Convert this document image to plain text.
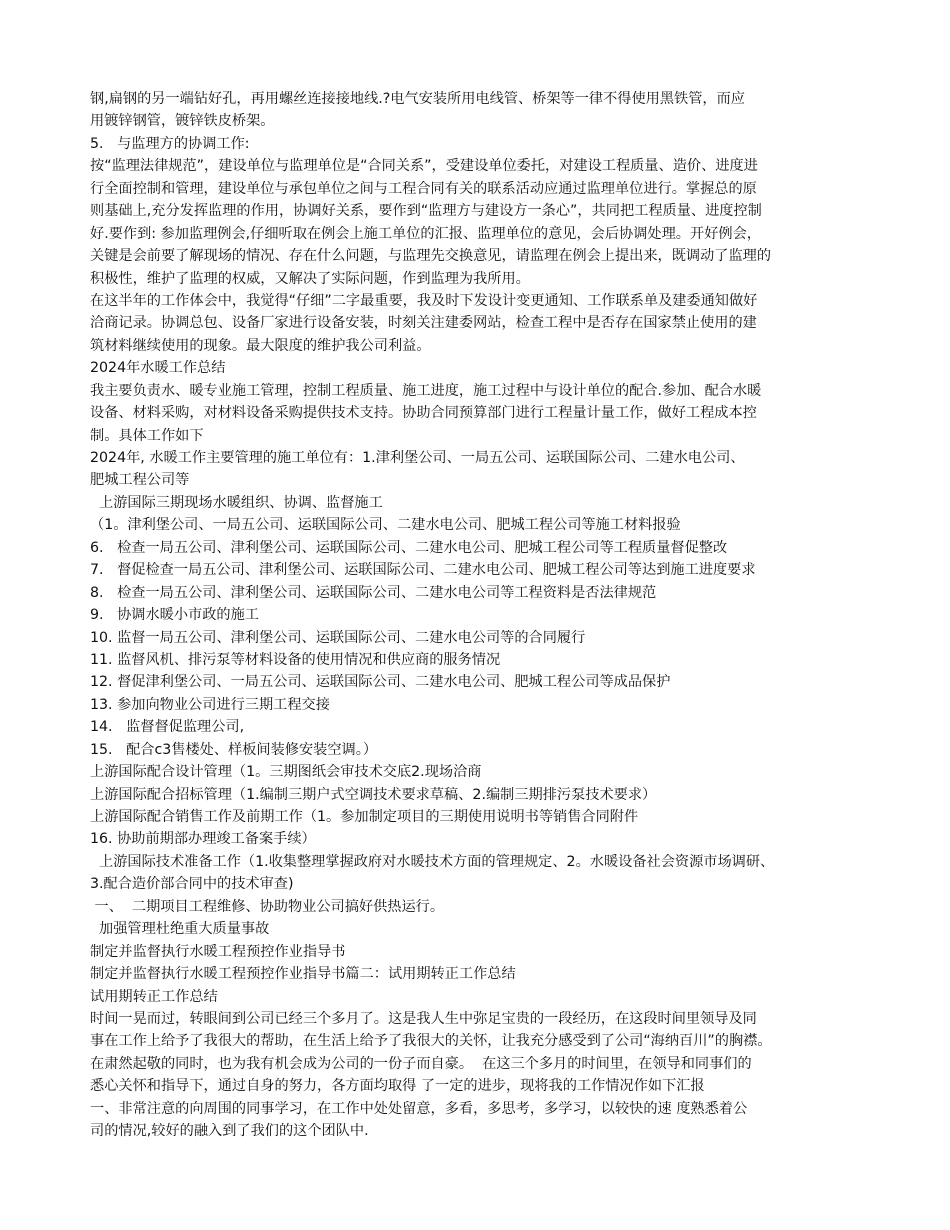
钢,扁钢的另一端钻好孔，再用螺丝连接接地线.?电气安装所用电线管、桥架等一律不得使用黑铁管，而应
用镀锌钢管，镀锌铁皮桥架。
5.   与监理方的协调工作:
按“监理法律规范”，建设单位与监理单位是“合同关系”，受建设单位委托，对建设工程质量、造价、进度进
行全面控制和管理，建设单位与承包单位之间与工程合同有关的联系活动应通过监理单位进行。掌握总的原
则基础上,充分发挥监理的作用，协调好关系，要作到“监理方与建设方一条心”，共同把工程质量、进度控制
好.要作到: 参加监理例会,仔细听取在例会上施工单位的汇报、监理单位的意见，会后协调处理。开好例会，
关键是会前要了解现场的情况、存在什么问题，与监理先交换意见，请监理在例会上提出来，既调动了监理的
积极性，维护了监理的权威，又解决了实际问题，作到监理为我所用。
在这半年的工作体会中，我觉得“仔细”二字最重要，我及时下发设计变更通知、工作联系单及建委通知做好
洽商记录。协调总包、设备厂家进行设备安装，时刻关注建委网站，检查工程中是否存在国家禁止使用的建
筑材料继续使用的现象。最大限度的维护我公司利益。
2024年水暖工作总结
我主要负责水、暖专业施工管理，控制工程质量、施工进度，施工过程中与设计单位的配合.参加、配合水暖
设备、材料采购，对材料设备采购提供技术支持。协助合同预算部门进行工程量计量工作，做好工程成本控
制。具体工作如下
2024年, 水暖工作主要管理的施工单位有：1.津利堡公司、一局五公司、运联国际公司、二建水电公司、
肥城工程公司等
上游国际三期现场水暖组织、协调、监督施工
（1。津利堡公司、一局五公司、运联国际公司、二建水电公司、肥城工程公司等施工材料报验
6.   检查一局五公司、津利堡公司、运联国际公司、二建水电公司、肥城工程公司等工程质量督促整改
7.   督促检查一局五公司、津利堡公司、运联国际公司、二建水电公司、肥城工程公司等达到施工进度要求
8.   检查一局五公司、津利堡公司、运联国际公司、二建水电公司等工程资料是否法律规范
9.   协调水暖小市政的施工
10. 监督一局五公司、津利堡公司、运联国际公司、二建水电公司等的合同履行
11. 监督风机、排污泵等材料设备的使用情况和供应商的服务情况
12. 督促津利堡公司、一局五公司、运联国际公司、二建水电公司、肥城工程公司等成品保护
13. 参加向物业公司进行三期工程交接
14.   监督督促监理公司,
15.   配合c3售楼处、样板间装修安装空调。）
上游国际配合设计管理（1。三期图纸会审技术交底2.现场洽商
上游国际配合招标管理（1.编制三期户式空调技术要求草稿、2.编制三期排污泵技术要求）
上游国际配合销售工作及前期工作（1。参加制定项目的三期使用说明书等销售合同附件
16. 协助前期部办理竣工备案手续）
上游国际技术准备工作（1.收集整理掌握政府对水暖技术方面的管理规定、2。水暖设备社会资源市场调研、
3.配合造价部合同中的技术审查)
一、  二期项目工程维修、协助物业公司搞好供热运行。
加强管理杜绝重大质量事故
制定并监督执行水暖工程预控作业指导书
制定并监督执行水暖工程预控作业指导书篇二：试用期转正工作总结
试用期转正工作总结
时间一晃而过，转眼间到公司已经三个多月了。这是我人生中弥足宝贵的一段经历，在这段时间里领导及同
事在工作上给予了我很大的帮助，在生活上给予了我很大的关怀，让我充分感受到了公司“海纳百川”的胸襟。
在肃然起敬的同时，也为我有机会成为公司的一份子而自豪。  在这三个多月的时间里，在领导和同事们的
悉心关怀和指导下，通过自身的努力，各方面均取得 了一定的进步，现将我的工作情况作如下汇报
一、非常注意的向周围的同事学习，在工作中处处留意，多看，多思考，多学习，以较快的速 度熟悉着公
司的情况,较好的融入到了我们的这个团队中.
